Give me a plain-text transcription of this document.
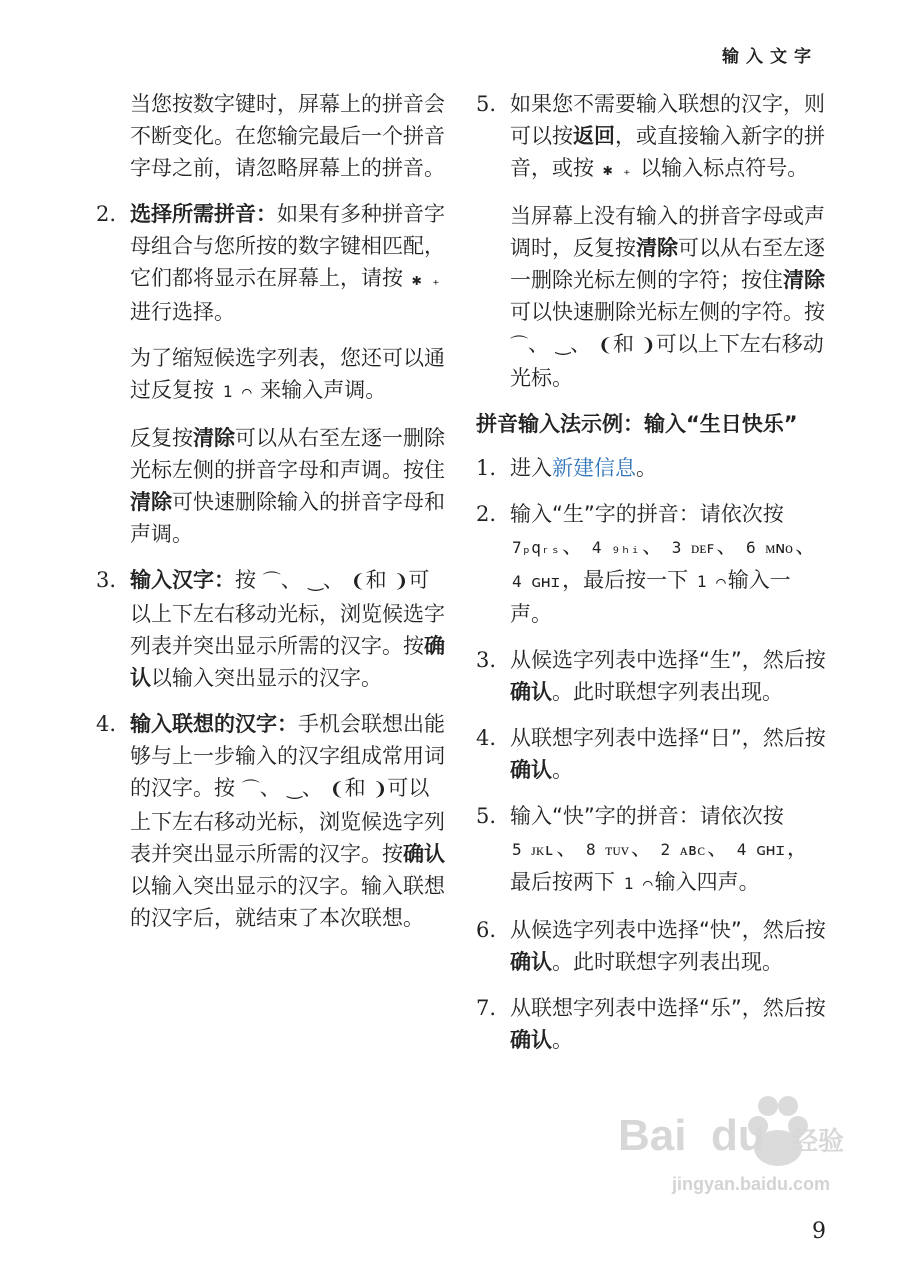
输入文字

当您按数字键时，屏幕上的拼音会不断变化。在您输完最后一个拼音字母之前，请忽略屏幕上的拼音。

2. 选择所需拼音：如果有多种拼音字母组合与您所按的数字键相匹配，它们都将显示在屏幕上，请按 ✱ ₊ 进行选择。

为了缩短候选字列表，您还可以通过反复按 1 ⌒ 来输入声调。

反复按清除可以从右至左逐一删除光标左侧的拼音字母和声调。按住清除可快速删除输入的拼音字母和声调。

3. 输入汉字：按 ⌒、 ‿、 ❨和 ❩可以上下左右移动光标，浏览候选字列表并突出显示所需的汉字。按确认以输入突出显示的汉字。
4. 输入联想的汉字：手机会联想出能够与上一步输入的汉字组成常用词的汉字。按 ⌒、 ‿、 ❨和 ❩可以上下左右移动光标，浏览候选字列表并突出显示所需的汉字。按确认以输入突出显示的汉字。输入联想的汉字后，就结束了本次联想。
5. 如果您不需要输入联想的汉字，则可以按返回，或直接输入新字的拼音，或按 ✱ ₊ 以输入标点符号。

当屏幕上没有输入的拼音字母或声调时，反复按清除可以从右至左逐一删除光标左侧的字符；按住清除可以快速删除光标左侧的字符。按 ⌒、 ‿、 ❨和 ❩可以上下左右移动光标。

拼音输入法示例：输入“生日快乐”
1. 进入新建信息。
2. 输入“生”字的拼音：请依次按 7ₚqᵣₛ、 4 ₉ₕᵢ、 3 ᴅᴇꜰ、 6 ᴍɴᴏ、 4 ɢʜɪ，最后按一下 1 ⌒输入一声。
3. 从候选字列表中选择“生”，然后按确认。此时联想字列表出现。
4. 从联想字列表中选择“日”，然后按确认。
5. 输入“快”字的拼音：请依次按 5 ᴊᴋʟ、 8 ᴛᴜᴠ、 2 ᴀʙᴄ、 4 ɢʜɪ，最后按两下 1 ⌒输入四声。
6. 从候选字列表中选择“快”，然后按确认。此时联想字列表出现。
7. 从联想字列表中选择“乐”，然后按确认。
Bai du 经验
jingyan.baidu.com
9
